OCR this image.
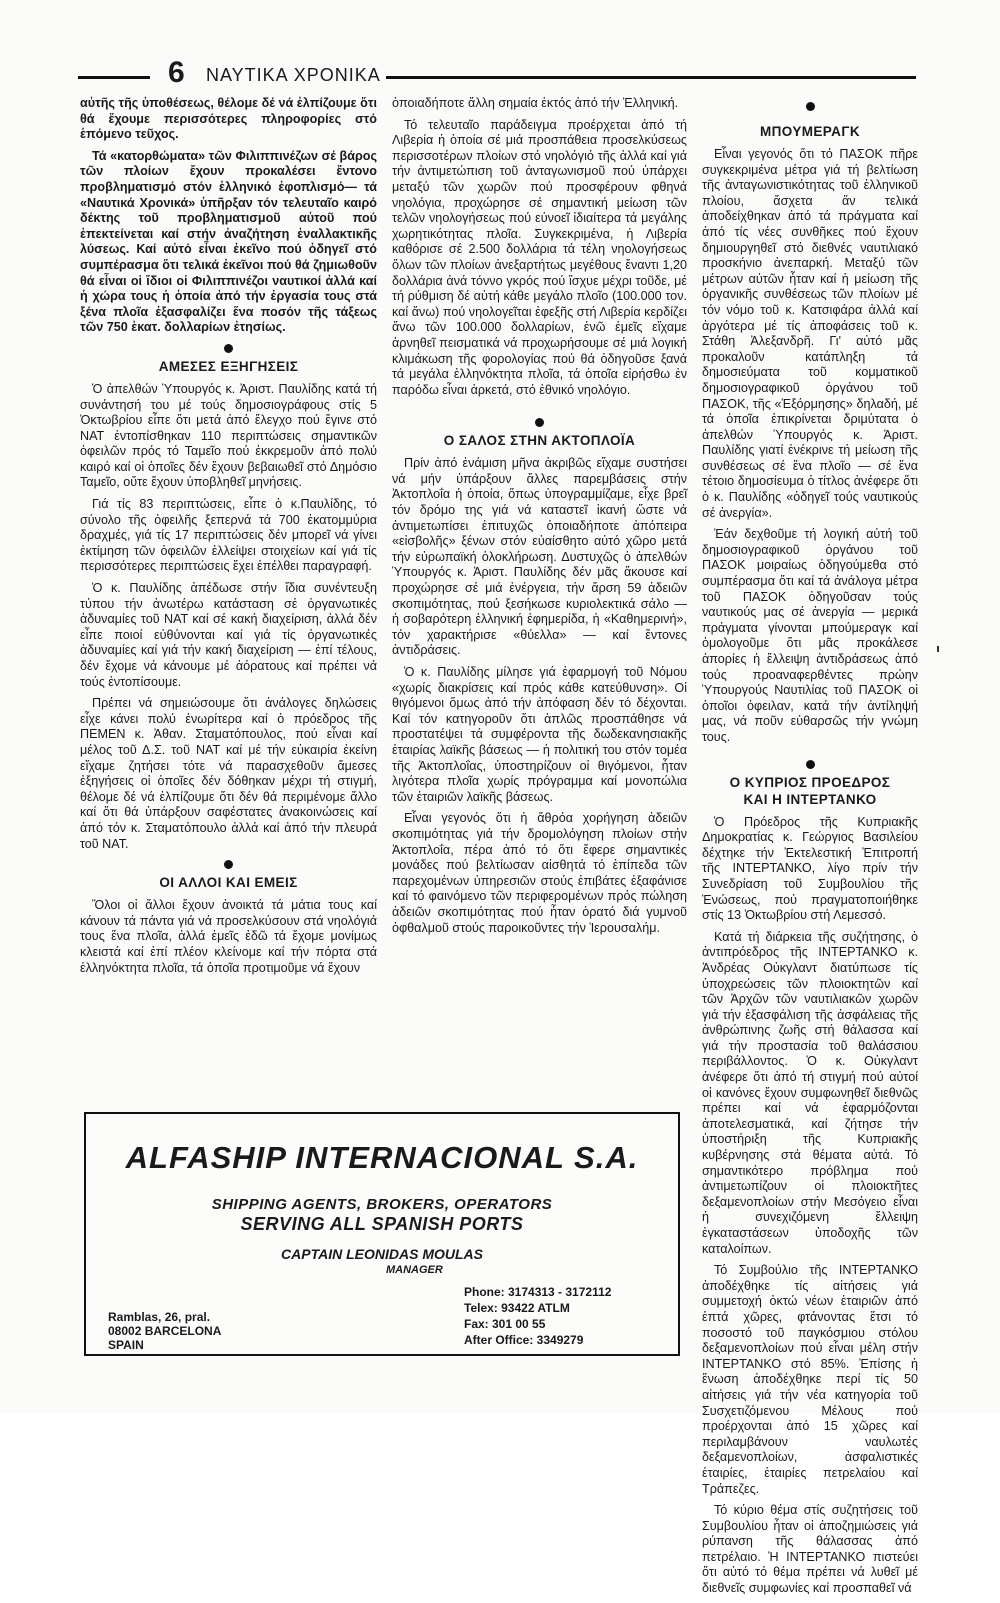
6 ΝΑΥΤΙΚΑ ΧΡΟΝΙΚΑ

αὐτῆς τῆς ὑποθέσεως, θέλομε δέ νά ἐλπίζουμε ὅτι θά ἔχουμε περισσότερες πληροφορίες στό ἑπόμενο τεῦχος.

Τά «κατορθώματα» τῶν Φιλιππινέζων σέ βάρος τῶν πλοίων ἔχουν προκαλέσει ἔντονο προβληματισμό στόν ἑλληνικό ἐφοπλισμό— τά «Ναυτικά Χρονικά» ὑπῆρξαν τόν τελευταῖο καιρό δέκτης τοῦ προβληματισμοῦ αὐτοῦ πού ἐπεκτείνεται καί στήν ἀναζήτηση ἐναλλακτικῆς λύσεως. Καί αὐτό εἶναι ἐκεῖνο πού ὁδηγεῖ στό συμπέρασμα ὅτι τελικά ἐκεῖνοι πού θά ζημιωθοῦν θά εἶναι οἱ ἴδιοι οἱ Φιλιππινέζοι ναυτικοί ἀλλά καί ἡ χώρα τους ἡ ὁποία ἀπό τήν ἐργασία τους στά ξένα πλοῖα ἐξασφαλίζει ἕνα ποσόν τῆς τάξεως τῶν 750 ἑκατ. δολλαρίων ἐτησίως.

ΑΜΕΣΕΣ ΕΞΗΓΗΣΕΙΣ

Ὁ ἀπελθών Ὑπουργός κ. Ἀριστ. Παυλίδης κατά τή συνάντησή του μέ τούς δημοσιογράφους στίς 5 Ὀκτωβρίου εἶπε ὅτι μετά ἀπό ἔλεγχο πού ἔγινε στό ΝΑΤ ἐντοπίσθηκαν 110 περιπτώσεις σημαντικῶν ὀφειλῶν πρός τό Ταμεῖο πού ἐκκρεμοῦν ἀπό πολύ καιρό καί οἱ ὁποῖες δέν ἔχουν βεβαιωθεῖ στό Δημόσιο Ταμεῖο, οὔτε ἔχουν ὑποβληθεῖ μηνήσεις.

Γιά τίς 83 περιπτώσεις, εἶπε ὁ κ.Παυλίδης, τό σύνολο τῆς ὀφειλῆς ξεπερνά τά 700 ἑκατομμύρια δραχμές, γιά τίς 17 περιπτώσεις δέν μπορεῖ νά γίνει ἐκτίμηση τῶν ὀφειλῶν ἐλλείψει στοιχείων καί γιά τίς περισσότερες περιπτώσεις ἔχει ἐπέλθει παραγραφή.

Ὁ κ. Παυλίδης ἀπέδωσε στήν ἴδια συνέντευξη τύπου τήν ἀνωτέρω κατάσταση σέ ὀργανωτικές ἀδυναμίες τοῦ ΝΑΤ καί σέ κακή διαχείριση, ἀλλά δέν εἶπε ποιοί εὐθύνονται καί γιά τίς ὀργανωτικές ἀδυναμίες καί γιά τήν κακή διαχείριση — ἐπί τέλους, δέν ἔχομε νά κάνουμε μέ ἀόρατους καί πρέπει νά τούς ἐντοπίσουμε.

Πρέπει νά σημειώσουμε ὅτι ἀνάλογες δηλώσεις εἶχε κάνει πολύ ἐνωρίτερα καί ὁ πρόεδρος τῆς ΠΕΜΕΝ κ. Ἀθαν. Σταματόπουλος, πού εἶναι καί μέλος τοῦ Δ.Σ. τοῦ ΝΑΤ καί μέ τήν εὐκαιρία ἐκείνη εἴχαμε ζητήσει τότε νά παρασχεθοῦν ἄμεσες ἐξηγήσεις οἱ ὁποῖες δέν δόθηκαν μέχρι τή στιγμή, θέλομε δέ νά ἐλπίζουμε ὅτι δέν θά περιμένομε ἄλλο καί ὅτι θά ὑπάρξουν σαφέστατες ἀνακοινώσεις καί ἀπό τόν κ. Σταματόπουλο ἀλλά καί ἀπό τήν πλευρά τοῦ ΝΑΤ.

ΟΙ ΑΛΛΟΙ ΚΑΙ ΕΜΕΙΣ

Ὅλοι οἱ ἄλλοι ἔχουν ἀνοικτά τά μάτια τους καί κάνουν τά πάντα γιά νά προσελκύσουν στά νηολόγιά τους ἕνα πλοῖα, ἀλλά ἐμεῖς ἐδῶ τά ἔχομε μονίμως κλειστά καί ἐπί πλέον κλείνομε καί τήν πόρτα στά ἑλληνόκτητα πλοῖα, τά ὁποῖα προτιμοῦμε νά ἔχουν

ὁποιαδήποτε ἄλλη σημαία ἐκτός ἀπό τήν Ἑλληνική.

Τό τελευταῖο παράδειγμα προέρχεται ἀπό τή Λιβερία ἡ ὁποία σέ μιά προσπάθεια προσελκύσεως περισσοτέρων πλοίων στό νηολόγιό τῆς ἀλλά καί γιά τήν ἀντιμετώπιση τοῦ ἀνταγωνισμοῦ πού ὑπάρχει μεταξύ τῶν χωρῶν πού προσφέρουν φθηνά νηολόγια, προχώρησε σέ σημαντική μείωση τῶν τελῶν νηολογήσεως πού εὐνοεῖ ἰδιαίτερα τά μεγάλης χωρητικότητας πλοῖα. Συγκεκριμένα, ἡ Λιβερία καθόρισε σέ 2.500 δολλάρια τά τέλη νηολογήσεως ὅλων τῶν πλοίων ἀνεξαρτήτως μεγέθους ἔναντι 1,20 δολλάρια ἀνά τόννο γκρός πού ἴσχυε μέχρι τοῦδε, μέ τή ρύθμιση δέ αὐτή κάθε μεγάλο πλοῖο (100.000 τον. καί ἄνω) πού νηολογεῖται ἐφεξῆς στή Λιβερία κερδίζει ἄνω τῶν 100.000 δολλαρίων, ἐνῶ ἐμεῖς εἴχαμε ἀρνηθεῖ πεισματικά νά προχωρήσουμε σέ μιά λογική κλιμάκωση τῆς φορολογίας πού θά ὁδηγοῦσε ξανά τά μεγάλα ἑλληνόκτητα πλοῖα, τά ὁποῖα εἰρήσθω ἐν παρόδω εἶναι ἀρκετά, στό ἐθνικό νηολόγιο.

Ο ΣΑΛΟΣ ΣΤΗΝ ΑΚΤΟΠΛΟΪΑ

Πρίν ἀπό ἐνάμιση μῆνα ἀκριβῶς εἴχαμε συστήσει νά μήν ὑπάρξουν ἄλλες παρεμβάσεις στήν Ἀκτοπλοΐα ἡ ὁποία, ὅπως ὑπογραμμίζαμε, εἶχε βρεῖ τόν δρόμο της γιά νά καταστεῖ ἱκανή ὥστε νά ἀντιμετωπίσει ἐπιτυχῶς ὁποιαδήποτε ἀπόπειρα «εἰσβολῆς» ξένων στόν εὐαίσθητο αὐτό χῶρο μετά τήν εὐρωπαϊκή ὁλοκλήρωση. Δυστυχῶς ὁ ἀπελθών Ὑπουργός κ. Ἀριστ. Παυλίδης δέν μᾶς ἄκουσε καί προχώρησε σέ μιά ἐνέργεια, τήν ἄρση 59 ἀδειῶν σκοπιμότητας, πού ξεσήκωσε κυριολεκτικά σάλο — ἡ σοβαρότερη ἑλληνική ἐφημερίδα, ἡ «Καθημερινή», τόν χαρακτήρισε «θύελλα» — καί ἔντονες ἀντιδράσεις.

Ὁ κ. Παυλίδης μίλησε γιά ἐφαρμογή τοῦ Νόμου «χωρίς διακρίσεις καί πρός κάθε κατεύθυνση». Οἱ θιγόμενοι ὅμως ἀπό τήν ἀπόφαση δέν τό δέχονται. Καί τόν κατηγοροῦν ὅτι ἁπλῶς προσπάθησε νά προστατέψει τά συμφέροντα τῆς δωδεκανησιακῆς ἑταιρίας λαϊκῆς βάσεως — ἡ πολιτική του στόν τομέα τῆς Ἀκτοπλοΐας, ὑποστηρίζουν οἱ θιγόμενοι, ἦταν λιγότερα πλοῖα χωρίς πρόγραμμα καί μονοπώλια τῶν ἑταιριῶν λαϊκῆς βάσεως.

Εἶναι γεγονός ὅτι ἡ ἄθρόα χορήγηση ἀδειῶν σκοπιμότητας γιά τήν δρομολόγηση πλοίων στήν Ἀκτοπλοΐα, πέρα ἀπό τό ὅτι ἔφερε σημαντικές μονάδες πού βελτίωσαν αἰσθητά τό ἐπίπεδα τῶν παρεχομένων ὑπηρεσιῶν στούς ἐπιβάτες ἐξαφάνισε καί τό φαινόμενο τῶν περιφερομένων πρός πώληση ἀδειῶν σκοπιμότητας πού ἦταν ὁρατό διά γυμνοῦ ὀφθαλμοῦ στούς παροικοῦντες τήν Ἱερουσαλήμ.

ΜΠΟΥΜΕΡΑΓΚ

Εἶναι γεγονός ὅτι τό ΠΑΣΟΚ πῆρε συγκεκριμένα μέτρα γιά τή βελτίωση τῆς ἀνταγωνιστικότητας τοῦ ἑλληνικοῦ πλοίου, ἄσχετα ἄν τελικά ἀποδείχθηκαν ἀπό τά πράγματα καί ἀπό τίς νέες συνθῆκες πού ἔχουν δημιουργηθεῖ στό διεθνές ναυτιλιακό προσκήνιο ἀνεπαρκή. Μεταξύ τῶν μέτρων αὐτῶν ἦταν καί ἡ μείωση τῆς ὀργανικῆς συνθέσεως τῶν πλοίων μέ τόν νόμο τοῦ κ. Κατσιφάρα ἀλλά καί ἀργότερα μέ τίς ἀποφάσεις τοῦ κ. Στάθη Ἀλεξανδρῆ. Γι' αὐτό μᾶς προκαλοῦν κατάπληξη τά δημοσιεύματα τοῦ κομματικοῦ δημοσιογραφικοῦ ὀργάνου τοῦ ΠΑΣΟΚ, τῆς «Ἐξόρμησης» δηλαδή, μέ τά ὁποῖα ἐπικρίνεται δριμύτατα ὁ ἀπελθών Ὑπουργός κ. Ἀριστ. Παυλίδης γιατί ἐνέκρινε τή μείωση τῆς συνθέσεως σέ ἕνα πλοῖο — σέ ἕνα τέτοιο δημοσίευμα ὁ τίτλος ἀνέφερε ὅτι ὁ κ. Παυλίδης «ὁδηγεῖ τούς ναυτικούς σέ ἀνεργία».

Ἐάν δεχθοῦμε τή λογική αὐτή τοῦ δημοσιογραφικοῦ ὀργάνου τοῦ ΠΑΣΟΚ μοιραίως ὁδηγούμεθα στό συμπέρασμα ὅτι καί τά ἀνάλογα μέτρα τοῦ ΠΑΣΟΚ ὁδηγοῦσαν τούς ναυτικούς μας σέ ἀνεργία — μερικά πράγματα γίνονται μπούμεραγκ καί ὁμολογοῦμε ὅτι μᾶς προκάλεσε ἀπορίες ἡ ἔλλειψη ἀντιδράσεως ἀπό τούς προαναφερθέντες πρώην Ὑπουργούς Ναυτιλίας τοῦ ΠΑΣΟΚ οἱ ὁποῖοι ὀφειλαν, κατά τήν ἀντίληψή μας, νά ποῦν εὐθαρσῶς τήν γνώμη τους.

Ο ΚΥΠΡΙΟΣ ΠΡΟΕΔΡΟΣ
ΚΑΙ Η ΙΝΤΕΡΤΑΝΚΟ

Ὁ Πρόεδρος τῆς Κυπριακῆς Δημοκρατίας κ. Γεώργιος Βασιλείου δέχτηκε τήν Ἐκτελεστική Ἐπιτροπή τῆς ΙΝΤΕΡΤΑΝΚΟ, λίγο πρίν τήν Συνεδρίαση τοῦ Συμβουλίου τῆς Ἑνώσεως, πού πραγματοποιήθηκε στίς 13 Ὀκτωβρίου στή Λεμεσσό.

Κατά τή διάρκεια τῆς συζήτησης, ὁ ἀντιπρόεδρος τῆς ΙΝΤΕΡΤΑΝΚΟ κ. Ἀνδρέας Οὐκγλαντ διατύπωσε τίς ὑποχρεώσεις τῶν πλοιοκτητῶν καί τῶν Ἀρχῶν τῶν ναυτιλιακῶν χωρῶν γιά τήν ἐξασφάλιση τῆς ἀσφάλειας τῆς ἀνθρώπινης ζωῆς στή θάλασσα καί γιά τήν προστασία τοῦ θαλάσσιου περιβάλλοντος. Ὁ κ. Οὐκγλαντ ἀνέφερε ὅτι ἀπό τή στιγμή πού αὐτοί οἱ κανόνες ἔχουν συμφωνηθεῖ διεθνῶς πρέπει καί νά ἐφαρμόζονται ἀποτελεσματικά, καί ζήτησε τήν ὑποστήριξη τῆς Κυπριακῆς κυβέρνησης στά θέματα αὐτά. Τό σημαντικότερο πρόβλημα πού ἀντιμετωπίζουν οἱ πλοιοκτῆτες δεξαμενοπλοίων στήν Μεσόγειο εἶναι ἡ συνεχιζόμενη ἔλλειψη ἐγκαταστάσεων ὑποδοχῆς τῶν καταλοίπων.

Τό Συμβούλιο τῆς ΙΝΤΕΡΤΑΝΚΟ ἀποδέχθηκε τίς αἰτήσεις γιά συμμετοχή ὀκτώ νέων ἑταιριῶν ἀπό ἑπτά χῶρες, φτάνοντας ἔτσι τό ποσοστό τοῦ παγκόσμιου στόλου δεξαμενοπλοίων πού εἶναι μέλη στήν ΙΝΤΕΡΤΑΝΚΟ στό 85%. Ἐπίσης ἡ ἕνωση ἀποδέχθηκε περί τίς 50 αἰτήσεις γιά τήν νέα κατηγορία τοῦ Συσχετιζόμενου Μέλους πού προέρχονται ἀπό 15 χῶρες καί περιλαμβάνουν ναυλωτές δεξαμενοπλοίων, ἀσφαλιστικές ἑταιρίες, ἑταιρίες πετρελαίου καί Τράπεζες.

Τό κύριο θέμα στίς συζητήσεις τοῦ Συμβουλίου ἦταν οἱ ἀποζημιώσεις γιά ρύπανση τῆς θάλασσας ἀπό πετρέλαιο. Ἡ ΙΝΤΕΡΤΑΝΚΟ πιστεύει ὅτι αὐτό τό θέμα πρέπει νά λυθεῖ μέ διεθνεῖς συμφωνίες καί προσπαθεῖ νά

ALFASHIP INTERNACIONAL S.A.
SHIPPING AGENTS, BROKERS, OPERATORS
SERVING ALL SPANISH PORTS
CAPTAIN LEONIDAS MOULAS
MANAGER
Ramblas, 26, pral.
08002 BARCELONA
SPAIN
Phone: 3174313 - 3172112
Telex: 93422 ATLM
Fax: 301 00 55
After Office: 3349279
